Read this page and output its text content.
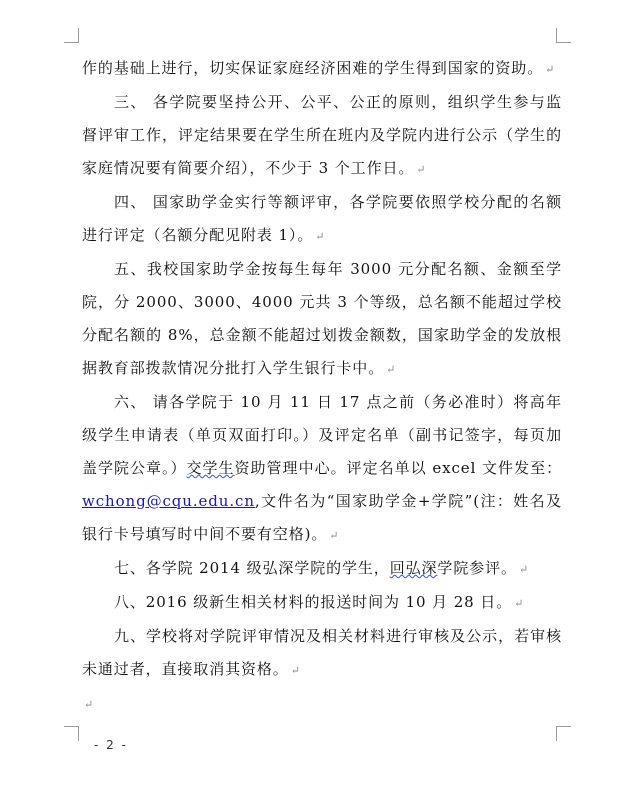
作的基础上进行，切实保证家庭经济困难的学生得到国家的资助。 ↵

三、 各学院要坚持公开、公平、公正的原则，组织学生参与监督评审工作，评定结果要在学生所在班内及学院内进行公示（学生的家庭情况要有简要介绍），不少于 3 个工作日。 ↵

四、 国家助学金实行等额评审，各学院要依照学校分配的名额进行评定（名额分配见附表 1）。 ↵

五、我校国家助学金按每生每年 3000 元分配名额、金额至学院，分 2000、3000、4000 元共 3 个等级，总名额不能超过学校分配名额的 8%，总金额不能超过划拨金额数，国家助学金的发放根据教育部拨款情况分批打入学生银行卡中。 ↵

六、 请各学院于 10 月 11 日 17 点之前（务必准时）将高年级学生申请表（单页双面打印。）及评定名单（副书记签字，每页加盖学院公章。）交学生资助管理中心。评定名单以 excel 文件发至：wchong@cqu.edu.cn,文件名为“国家助学金+学院”(注：姓名及银行卡号填写时中间不要有空格)。 ↵

七、各学院 2014 级弘深学院的学生，回弘深学院参评。 ↵

八、2016 级新生相关材料的报送时间为 10 月 28 日。 ↵

九、学校将对学院评审情况及相关材料进行审核及公示，若审核未通过者，直接取消其资格。 ↵

↵

- 2 -
